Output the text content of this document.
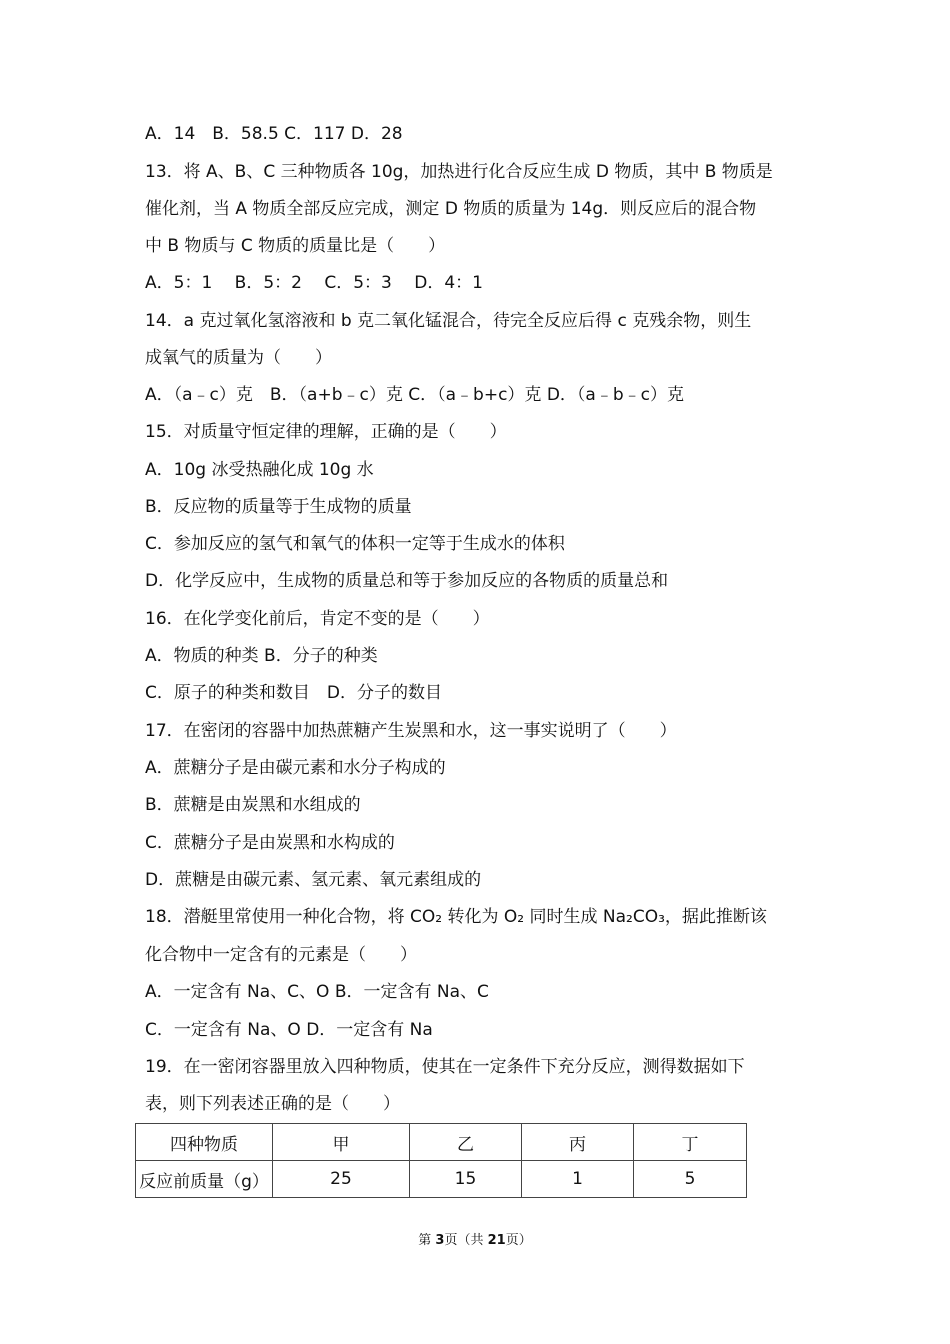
A．14　B．58.5 C．117 D．28
13．将 A、B、C 三种物质各 10g，加热进行化合反应生成 D 物质，其中 B 物质是
催化剂，当 A 物质全部反应完成，测定 D 物质的质量为 14g．则反应后的混合物
中 B 物质与 C 物质的质量比是（　　）
A．5：1　 B．5：2　 C．5：3　 D．4：1
14．a 克过氧化氢溶液和 b 克二氧化锰混合，待完全反应后得 c 克残余物，则生
成氧气的质量为（　　）
A．（a﹣c）克　B．（a+b﹣c）克 C．（a﹣b+c）克 D．（a﹣b﹣c）克
15．对质量守恒定律的理解，正确的是（　　）
A．10g 冰受热融化成 10g 水
B．反应物的质量等于生成物的质量
C．参加反应的氢气和氧气的体积一定等于生成水的体积
D．化学反应中，生成物的质量总和等于参加反应的各物质的质量总和
16．在化学变化前后，肯定不变的是（　　）
A．物质的种类 B．分子的种类
C．原子的种类和数目　D．分子的数目
17．在密闭的容器中加热蔗糖产生炭黑和水，这一事实说明了（　　）
A．蔗糖分子是由碳元素和水分子构成的
B．蔗糖是由炭黑和水组成的
C．蔗糖分子是由炭黑和水构成的
D．蔗糖是由碳元素、氢元素、氧元素组成的
18．潜艇里常使用一种化合物，将 CO₂ 转化为 O₂ 同时生成 Na₂CO₃，据此推断该
化合物中一定含有的元素是（　　）
A．一定含有 Na、C、O B．一定含有 Na、C
C．一定含有 Na、O D．一定含有 Na
19．在一密闭容器里放入四种物质，使其在一定条件下充分反应，测得数据如下
表，则下列表述正确的是（　　）
四种物质	甲	乙	丙	丁
反应前质量（g）	25	15	1	5
第 3页（共 21页）
